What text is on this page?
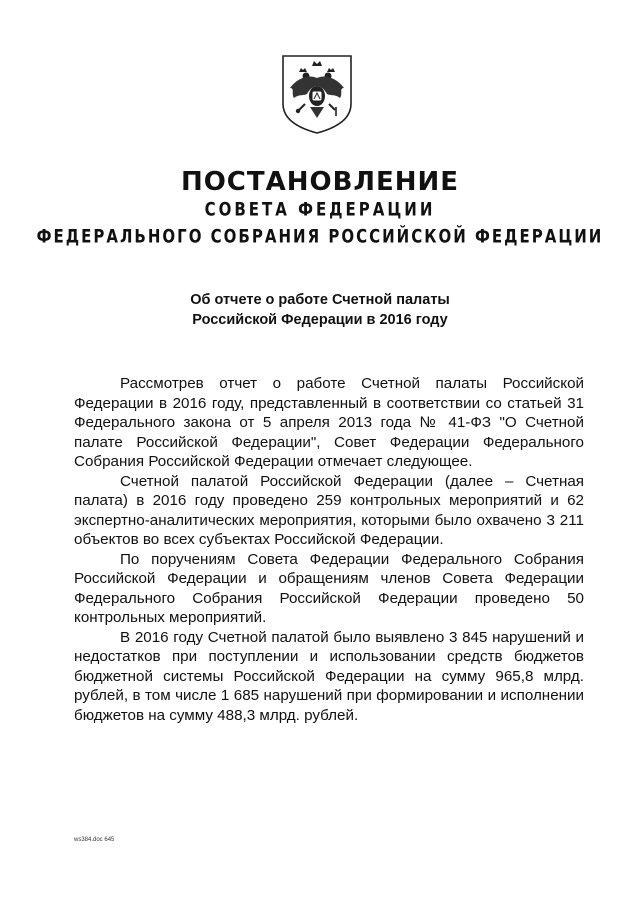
ПОСТАНОВЛЕНИЕ
СОВЕТА ФЕДЕРАЦИИ
ФЕДЕРАЛЬНОГО СОБРАНИЯ РОССИЙСКОЙ ФЕДЕРАЦИИ
Об отчете о работе Счетной палаты
Российской Федерации в 2016 году

Рассмотрев отчет о работе Счетной палаты Российской Федерации в 2016 году, представленный в соответствии со статьей 31 Федерального закона от 5 апреля 2013 года № 41-ФЗ "О Счетной палате Российской Федерации", Совет Федерации Федерального Собрания Российской Федерации отмечает следующее.

Счетной палатой Российской Федерации (далее – Счетная палата) в 2016 году проведено 259 контрольных мероприятий и 62 экспертно-аналитических мероприятия, которыми было охвачено 3 211 объектов во всех субъектах Российской Федерации.

По поручениям Совета Федерации Федерального Собрания Российской Федерации и обращениям членов Совета Федерации Федерального Собрания Российской Федерации проведено 50 контрольных мероприятий.

В 2016 году Счетной палатой было выявлено 3 845 нарушений и недостатков при поступлении и использовании средств бюджетов бюджетной системы Российской Федерации на сумму 965,8 млрд. рублей, в том числе 1 685 нарушений при формировании и исполнении бюджетов на сумму 488,3 млрд. рублей.

ws384.doc 645
